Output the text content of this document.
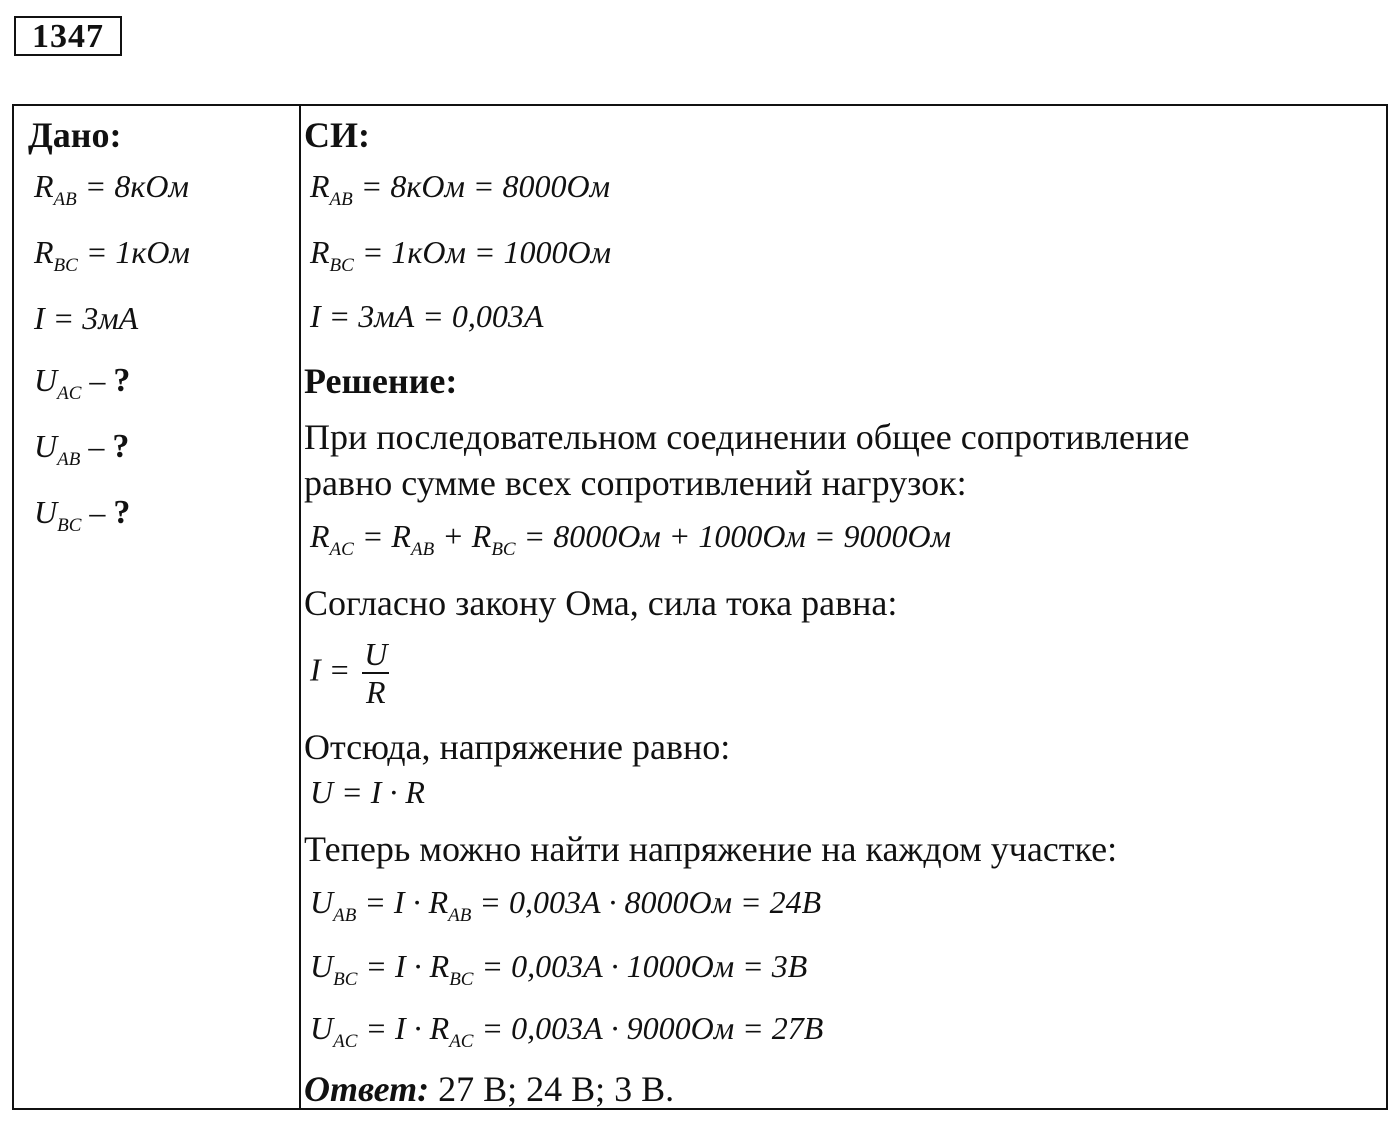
1347
Дано:
$R_{AB} = 8кОм$
$R_{BC} = 1кОм$
I = 3мА
$U_{AC}$ – ?
$U_{AB}$ – ?
$U_{BC}$ – ?
СИ:
$R_{AB} = 8кОм = 8000Ом$
$R_{BC} = 1кОм = 1000Ом$
I = 3мА = 0,003А
Решение:
При последовательном соединении общее сопротивление
равно сумме всех сопротивлений нагрузок:
$R_{AC} = R_{AB} + R_{BC} = 8000Ом + 1000Ом = 9000Ом$
Согласно закону Ома, сила тока равна:
$I = \frac{U}{R}$
Отсюда, напряжение равно:
U = I · R
Теперь можно найти напряжение на каждом участке:
$U_{AB} = I \cdot R_{AB} = 0,003А \cdot 8000Ом = 24В$
$U_{BC} = I \cdot R_{BC} = 0,003А \cdot 1000Ом = 3В$
$U_{AC} = I \cdot R_{AC} = 0,003А \cdot 9000Ом = 27В$
Ответ: 27 В; 24 В; 3 В.
